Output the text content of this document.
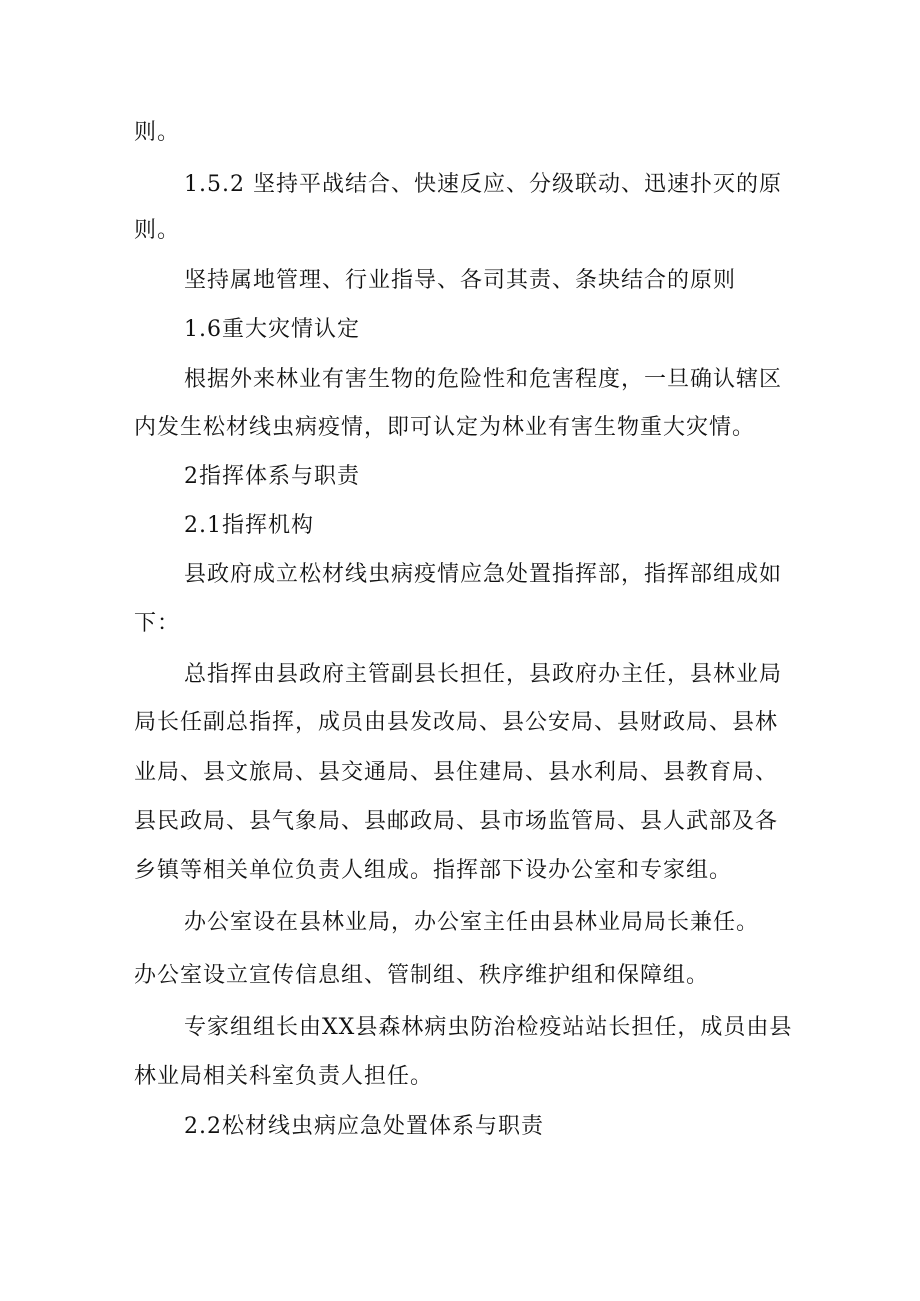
则。
1.5.2 坚持平战结合、快速反应、分级联动、迅速扑灭的原
则。
坚持属地管理、行业指导、各司其责、条块结合的原则
1.6重大灾情认定
根据外来林业有害生物的危险性和危害程度，一旦确认辖区
内发生松材线虫病疫情，即可认定为林业有害生物重大灾情。
2指挥体系与职责
2.1指挥机构
县政府成立松材线虫病疫情应急处置指挥部，指挥部组成如
下：
总指挥由县政府主管副县长担任，县政府办主任，县林业局
局长任副总指挥，成员由县发改局、县公安局、县财政局、县林
业局、县文旅局、县交通局、县住建局、县水利局、县教育局、
县民政局、县气象局、县邮政局、县市场监管局、县人武部及各
乡镇等相关单位负责人组成。指挥部下设办公室和专家组。
办公室设在县林业局，办公室主任由县林业局局长兼任。
办公室设立宣传信息组、管制组、秩序维护组和保障组。
专家组组长由XX县森林病虫防治检疫站站长担任，成员由县
林业局相关科室负责人担任。
2.2松材线虫病应急处置体系与职责
